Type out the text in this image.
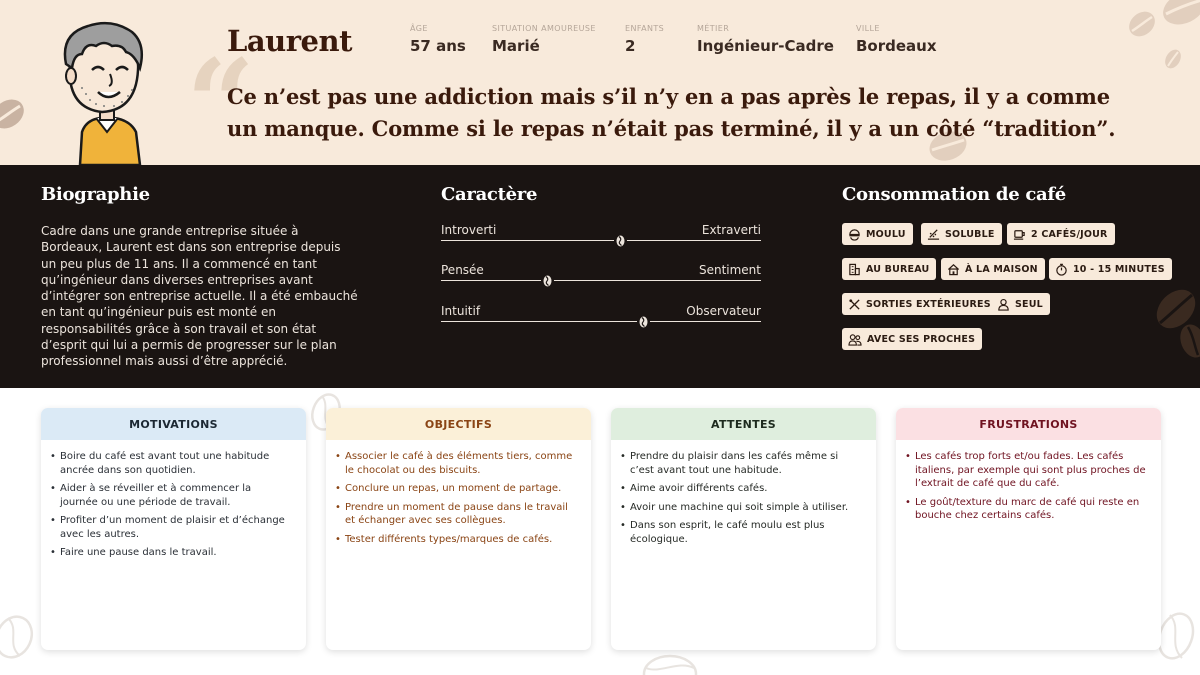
Laurent	ÂGE
57 ans
SITUATION AMOUREUSE
Marié
ENFANTS
2
MÉTIER
Ingénieur-Cadre
VILLE
Bordeaux
“
Ce n’est pas une addiction mais s’il n’y en a pas après le repas, il y a comme un manque. Comme si le repas n’était pas terminé, il y a un côté “tradition”.
Biographie
Cadre dans une grande entreprise située à Bordeaux, Laurent est dans son entreprise depuis un peu plus de 11 ans. Il a commencé en tant qu’ingénieur dans diverses entreprises avant d’intégrer son entreprise actuelle. Il a été embauché en tant qu’ingénieur puis est monté en responsabilités grâce à son travail et son état d’esprit qui lui a permis de progresser sur le plan professionnel mais aussi d’être apprécié.
Caractère
Introverti	Extraverti
Pensée	Sentiment
Intuitif	Observateur
Consommation de café
MOULU	SOLUBLE	2 CAFÉS/JOUR
AU BUREAU	À LA MAISON	10 - 15 MINUTES
SORTIES EXTÉRIEURES	SEUL
AVEC SES PROCHES
MOTIVATIONS
• Boire du café est avant tout une habitude ancrée dans son quotidien.
• Aider à se réveiller et à commencer la journée ou une période de travail.
• Profiter d’un moment de plaisir et d’échange avec les autres.
• Faire une pause dans le travail.
OBJECTIFS
• Associer le café à des éléments tiers, comme le chocolat ou des biscuits.
• Conclure un repas, un moment de partage.
• Prendre un moment de pause dans le travail et échanger avec ses collègues.
• Tester différents types/marques de cafés.
ATTENTES
• Prendre du plaisir dans les cafés même si c’est avant tout une habitude.
• Aime avoir différents cafés.
• Avoir une machine qui soit simple à utiliser.
• Dans son esprit, le café moulu est plus écologique.
FRUSTRATIONS
• Les cafés trop forts et/ou fades. Les cafés italiens, par exemple qui sont plus proches de l’extrait de café que du café.
• Le goût/texture du marc de café qui reste en bouche chez certains cafés.
